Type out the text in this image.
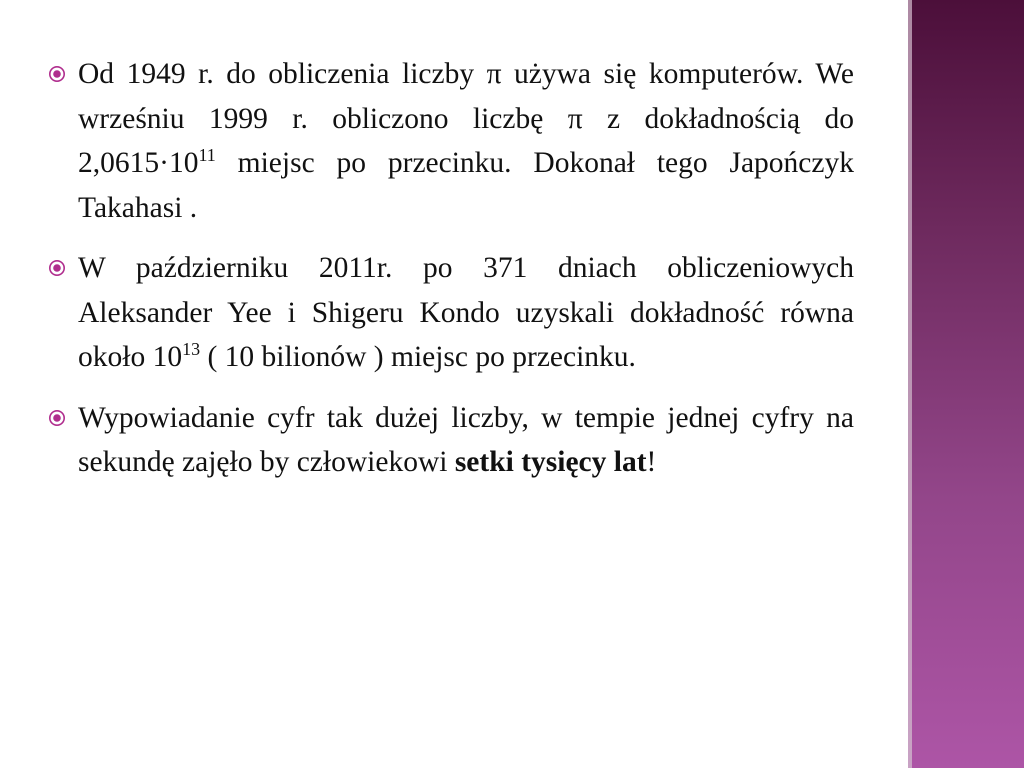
Od 1949 r. do obliczenia liczby π używa się komputerów. We wrześniu 1999 r. obliczono liczbę π z dokładnością do $2,0615\cdot 10^{11}$ miejsc po przecinku. Dokonał tego Japończyk Takahasi .
W październiku 2011r. po 371 dniach obliczeniowych Aleksander Yee i Shigeru Kondo uzyskali dokładność równa około $10^{13}$ ( 10 bilionów ) miejsc po przecinku.
Wypowiadanie cyfr tak dużej liczby, w tempie jednej cyfry na sekundę zajęło by człowiekowi setki tysięcy lat!
